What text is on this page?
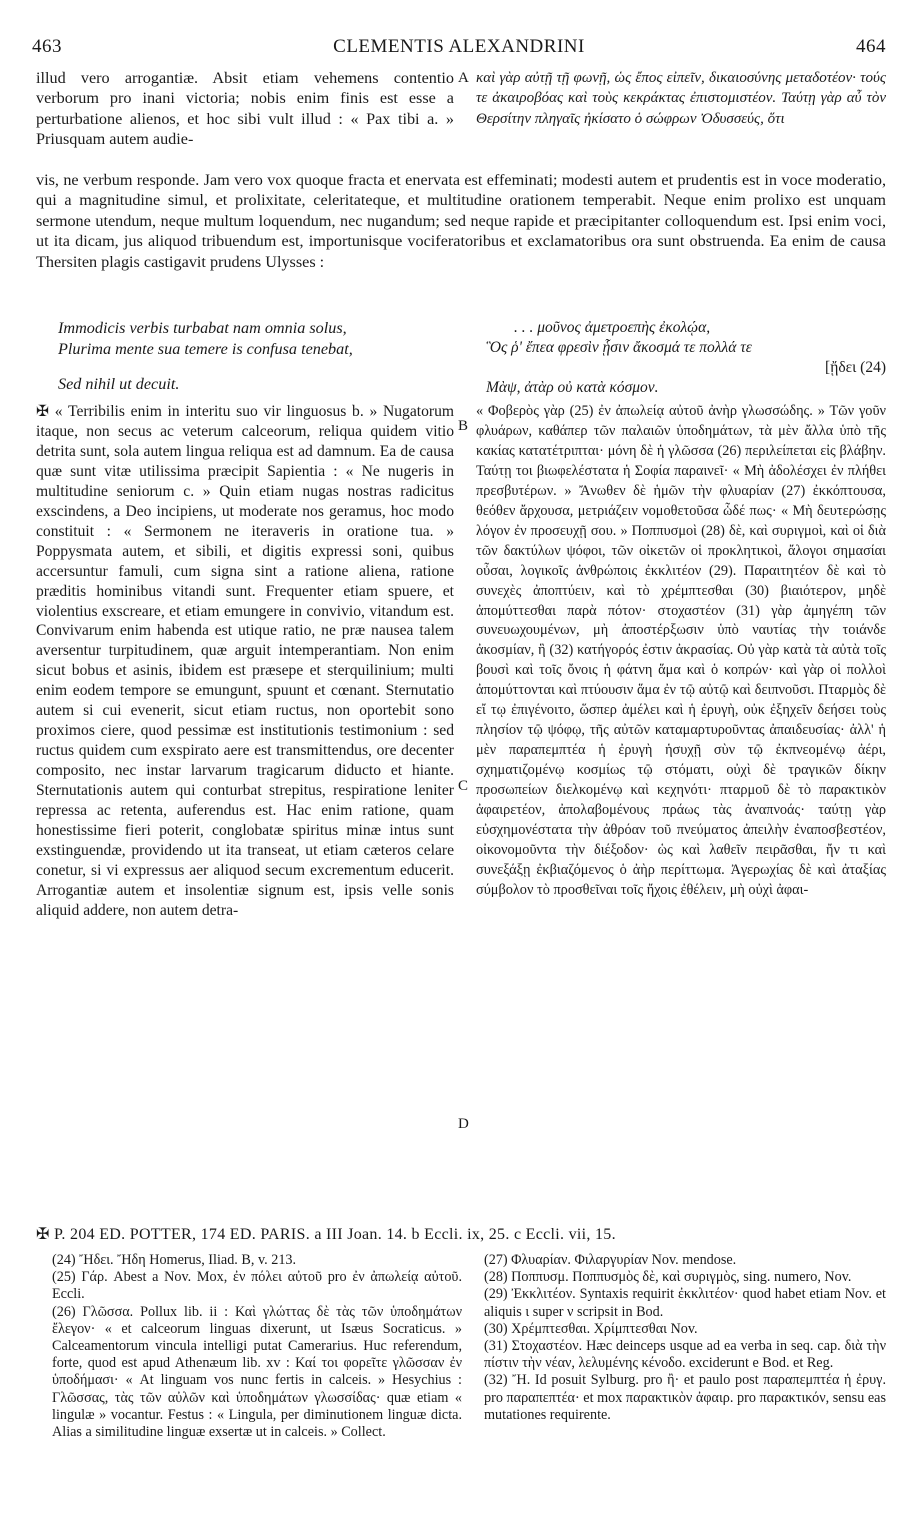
463	CLEMENTIS ALEXANDRINI	464
illud vero arrogantiæ. Absit etiam vehemens contentio verborum pro inani victoria; nobis enim finis est esse a perturbatione alienos, et hoc sibi vult illud : « Pax tibi a. » Priusquam autem audie-
A καὶ γὰρ αὐτῇ τῇ φωνῇ, ὡς ἔπος εἰπεῖν, δικαιοσύνης μεταδοτέον· τούς τε ἀκαιροβόας καὶ τοὺς κεκράκτας ἐπιστομιστέον. Ταύτῃ γὰρ αὖ τὸν Θερσίτην πληγαῖς ἠκίσατο ὁ σώφρων Ὀδυσσεύς, ὅτι
vis, ne verbum responde. Jam vero vox quoque fracta et enervata est effeminati; modesti autem et prudentis est in voce moderatio, qui a magnitudine simul, et prolixitate, celeritateque, et multitudine orationem temperabit. Neque enim prolixo est unquam sermone utendum, neque multum loquendum, nec nugandum; sed neque rapide et præcipitanter colloquendum est. Ipsi enim voci, ut ita dicam, jus aliquod tribuendum est, importunisque vociferatoribus et exclamatoribus ora sunt obstruenda. Ea enim de causa Thersiten plagis castigavit prudens Ulysses :

Immodicis verbis turbabat nam omnia solus,

Plurima mente sua temere is confusa tenebat,

Sed nihil ut decuit.

. . . μοῦνος ἀμετροεπὴς ἐκολῴα,

Ὃς ῥ' ἔπεα φρεσὶν ᾗσιν ἄκοσμά τε πολλά τε

[ᾔδει (24)

Μὰψ, ἀτὰρ οὐ κατὰ κόσμον.

✠ « Terribilis enim in interitu suo vir linguosus b. » Nugatorum itaque, non secus ac veterum calceorum, reliqua quidem vitio detrita sunt, sola autem lingua reliqua est ad damnum. Ea de causa quæ sunt vitæ utilissima præcipit Sapientia : « Ne nugeris in multitudine seniorum c. » Quin etiam nugas nostras radicitus exscindens, a Deo incipiens, ut moderate nos geramus, hoc modo constituit : « Sermonem ne iteraveris in oratione tua. » Poppysmata autem, et sibili, et digitis expressi soni, quibus accersuntur famuli, cum signa sint a ratione aliena, ratione præditis hominibus vitandi sunt. Frequenter etiam spuere, et violentius exscreare, et etiam emungere in convivio, vitandum est. Convivarum enim habenda est utique ratio, ne præ nausea talem aversentur turpitudinem, quæ arguit intemperantiam. Non enim sicut bobus et asinis, ibidem est præsepe et sterquilinium; multi enim eodem tempore se emungunt, spuunt et cœnant. Sternutatio autem si cui evenerit, sicut etiam ructus, non oportebit sono proximos ciere, quod pessimæ est institutionis testimonium : sed ructus quidem cum exspirato aere est transmittendus, ore decenter composito, nec instar larvarum tragicarum diducto et hiante. Sternutationis autem qui conturbat strepitus, respiratione leniter repressa ac retenta, auferendus est. Hac enim ratione, quam honestissime fieri poterit, conglobatæ spiritus minæ intus sunt exstinguendæ, providendo ut ita transeat, ut etiam cæteros celare conetur, si vi expressus aer aliquod secum excrementum educerit. Arrogantiæ autem et insolentiæ signum est, ipsis velle sonis aliquid addere, non autem detra-
B
C
D
« Φοβερὸς γὰρ (25) ἐν ἀπωλείᾳ αὐτοῦ ἀνὴρ γλωσσώδης. » Τῶν γοῦν φλυάρων, καθάπερ τῶν παλαιῶν ὑποδημάτων, τὰ μὲν ἄλλα ὑπὸ τῆς κακίας κατατέτριπται· μόνη δὲ ἡ γλῶσσα (26) περιλείπεται εἰς βλάβην. Ταύτῃ τοι βιωφελέστατα ἡ Σοφία παραινεῖ· « Μὴ ἀδολέσχει ἐν πλήθει πρεσβυτέρων. » Ἄνωθεν δὲ ἡμῶν τὴν φλυαρίαν (27) ἐκκόπτουσα, θεόθεν ἄρχουσα, μετριάζειν νομοθετοῦσα ὧδέ πως· « Μὴ δευτερώσῃς λόγον ἐν προσευχῇ σου. » Ποππυσμοὶ (28) δὲ, καὶ συριγμοὶ, καὶ οἱ διὰ τῶν δακτύλων ψόφοι, τῶν οἰκετῶν οἱ προκλητικοὶ, ἄλογοι σημασίαι οὖσαι, λογικοῖς ἀνθρώποις ἐκκλιτέον (29). Παραιτητέον δὲ καὶ τὸ συνεχὲς ἀποπτύειν, καὶ τὸ χρέμπτεσθαι (30) βιαιότερον, μηδὲ ἀπομύττεσθαι παρὰ πότον· στοχαστέον (31) γὰρ ἀμηγέπη τῶν συνευωχουμένων, μὴ ἀποστέρξωσιν ὑπὸ ναυτίας τὴν τοιάνδε ἀκοσμίαν, ἣ (32) κατήγορός ἐστιν ἀκρασίας. Οὐ γὰρ κατὰ τὰ αὐτὰ τοῖς βουσὶ καὶ τοῖς ὄνοις ἡ φάτνη ἅμα καὶ ὁ κοπρών· καὶ γὰρ οἱ πολλοὶ ἀπομύττονται καὶ πτύουσιν ἅμα ἐν τῷ αὐτῷ καὶ δειπνοῦσι. Πταρμὸς δὲ εἴ τῳ ἐπιγένοιτο, ὥσπερ ἀμέλει καὶ ἡ ἐρυγὴ, οὐκ ἐξηχεῖν δεήσει τοὺς πλησίον τῷ ψόφῳ, τῆς αὐτῶν καταμαρτυροῦντας ἀπαιδευσίας· ἀλλ' ἡ μὲν παραπεμπτέα ἡ ἐρυγὴ ἡσυχῇ σὺν τῷ ἐκπνεομένῳ ἀέρι, σχηματιζομένῳ κοσμίως τῷ στόματι, οὐχὶ δὲ τραγικῶν δίκην προσωπείων διελκομένῳ καὶ κεχηνότι· πταρμοῦ δὲ τὸ παρακτικὸν ἀφαιρετέον, ἀπολαβομένους πράως τὰς ἀναπνοάς· ταύτῃ γὰρ εὐσχημονέστατα τὴν ἀθρόαν τοῦ πνεύματος ἀπειλὴν ἐναποσβεστέον, οἰκονομοῦντα τὴν διέξοδον· ὡς καὶ λαθεῖν πειρᾶσθαι, ἤν τι καὶ συνεξάξῃ ἐκβιαζόμενος ὁ ἀὴρ περίττωμα. Ἀγερωχίας δὲ καὶ ἀταξίας σύμβολον τὸ προσθεῖναι τοῖς ἤχοις ἐθέλειν, μὴ οὐχὶ ἀφαι-
✠ P. 204 ED. POTTER, 174 ED. PARIS. a III Joan. 14. b Eccli. ix, 25. c Eccli. vii, 15.

(24) Ἤδει. Ἤδη Homerus, Iliad. B, v. 213.

(25) Γάρ. Abest a Nov. Mox, ἐν πόλει αὐτοῦ pro ἐν ἀπωλείᾳ αὐτοῦ. Eccli.

(26) Γλῶσσα. Pollux lib. ii : Καὶ γλώττας δὲ τὰς τῶν ὑποδημάτων ἔλεγον· « et calceorum linguas dixerunt, ut Isæus Socraticus. » Calceamentorum vincula intelligi putat Camerarius. Huc referendum, forte, quod est apud Athenæum lib. xv : Καί τοι φορεῖτε γλῶσσαν ἐν ὑποδήμασι· « At linguam vos nunc fertis in calceis. » Hesychius : Γλῶσσας, τὰς τῶν αὐλῶν καὶ ὑποδημάτων γλωσσίδας· quæ etiam « lingulæ » vocantur. Festus : « Lingula, per diminutionem linguæ dicta. Alias a similitudine linguæ exsertæ ut in calceis. » Collect.

(27) Φλυαρίαν. Φιλαργυρίαν Nov. mendose.

(28) Ποππυσμ. Ποππυσμὸς δὲ, καὶ συριγμὸς, sing. numero, Nov.

(29) Ἐκκλιτέον. Syntaxis requirit ἐκκλιτέον· quod habet etiam Nov. et aliquis ι super ν scripsit in Bod.

(30) Χρέμπτεσθαι. Χρίμπτεσθαι Nov.

(31) Στοχαστέον. Hæc deinceps usque ad ea verba in seq. cap. διὰ τὴν πίστιν τὴν νέαν, λελυμένης κένοδο. exciderunt e Bod. et Reg.

(32) Ἤ. Id posuit Sylburg. pro ἢ· et paulo post παραπεμπτέα ἡ ἐρυγ. pro παραπεπτέα· et mox παρακτικὸν ἀφαιρ. pro παρακτικόν, sensu eas mutationes requirente.
